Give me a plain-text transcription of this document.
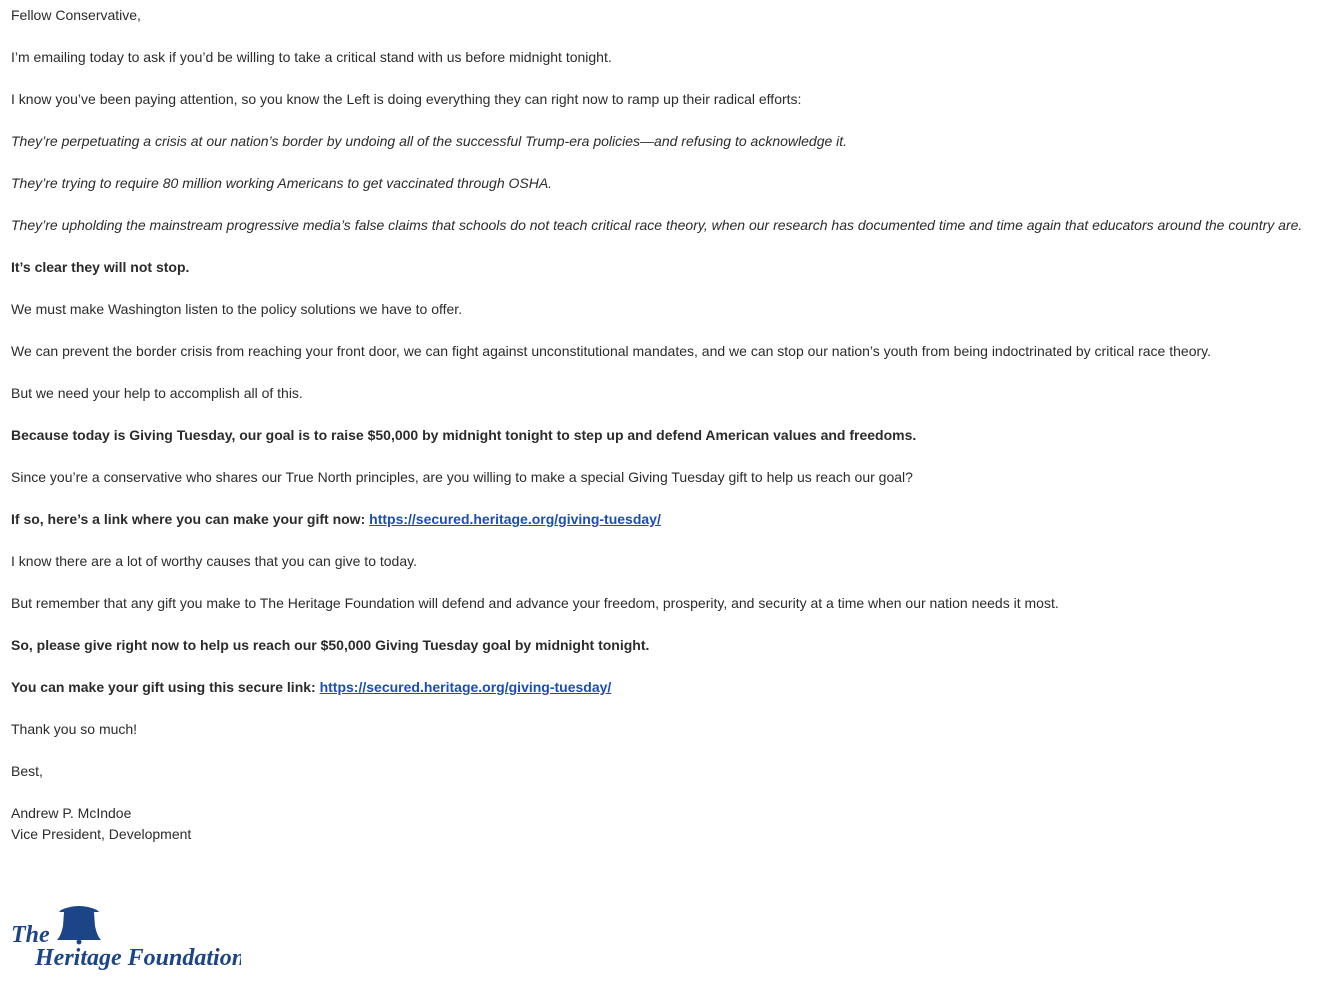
Fellow Conservative,

I’m emailing today to ask if you’d be willing to take a critical stand with us before midnight tonight.

I know you’ve been paying attention, so you know the Left is doing everything they can right now to ramp up their radical efforts:

They’re perpetuating a crisis at our nation’s border by undoing all of the successful Trump-era policies—and refusing to acknowledge it.

They’re trying to require 80 million working Americans to get vaccinated through OSHA.

They’re upholding the mainstream progressive media’s false claims that schools do not teach critical race theory, when our research has documented time and time again that educators around the country are.

It’s clear they will not stop.

We must make Washington listen to the policy solutions we have to offer.

We can prevent the border crisis from reaching your front door, we can fight against unconstitutional mandates, and we can stop our nation’s youth from being indoctrinated by critical race theory.

But we need your help to accomplish all of this.

Because today is Giving Tuesday, our goal is to raise $50,000 by midnight tonight to step up and defend American values and freedoms.

Since you’re a conservative who shares our True North principles, are you willing to make a special Giving Tuesday gift to help us reach our goal?

If so, here’s a link where you can make your gift now: https://secured.heritage.org/giving-tuesday/

I know there are a lot of worthy causes that you can give to today.

But remember that any gift you make to The Heritage Foundation will defend and advance your freedom, prosperity, and security at a time when our nation needs it most.

So, please give right now to help us reach our $50,000 Giving Tuesday goal by midnight tonight.

You can make your gift using this secure link: https://secured.heritage.org/giving-tuesday/

Thank you so much!

Best,

Andrew P. McIndoe

Vice President, Development

The
Heritage Foundation
